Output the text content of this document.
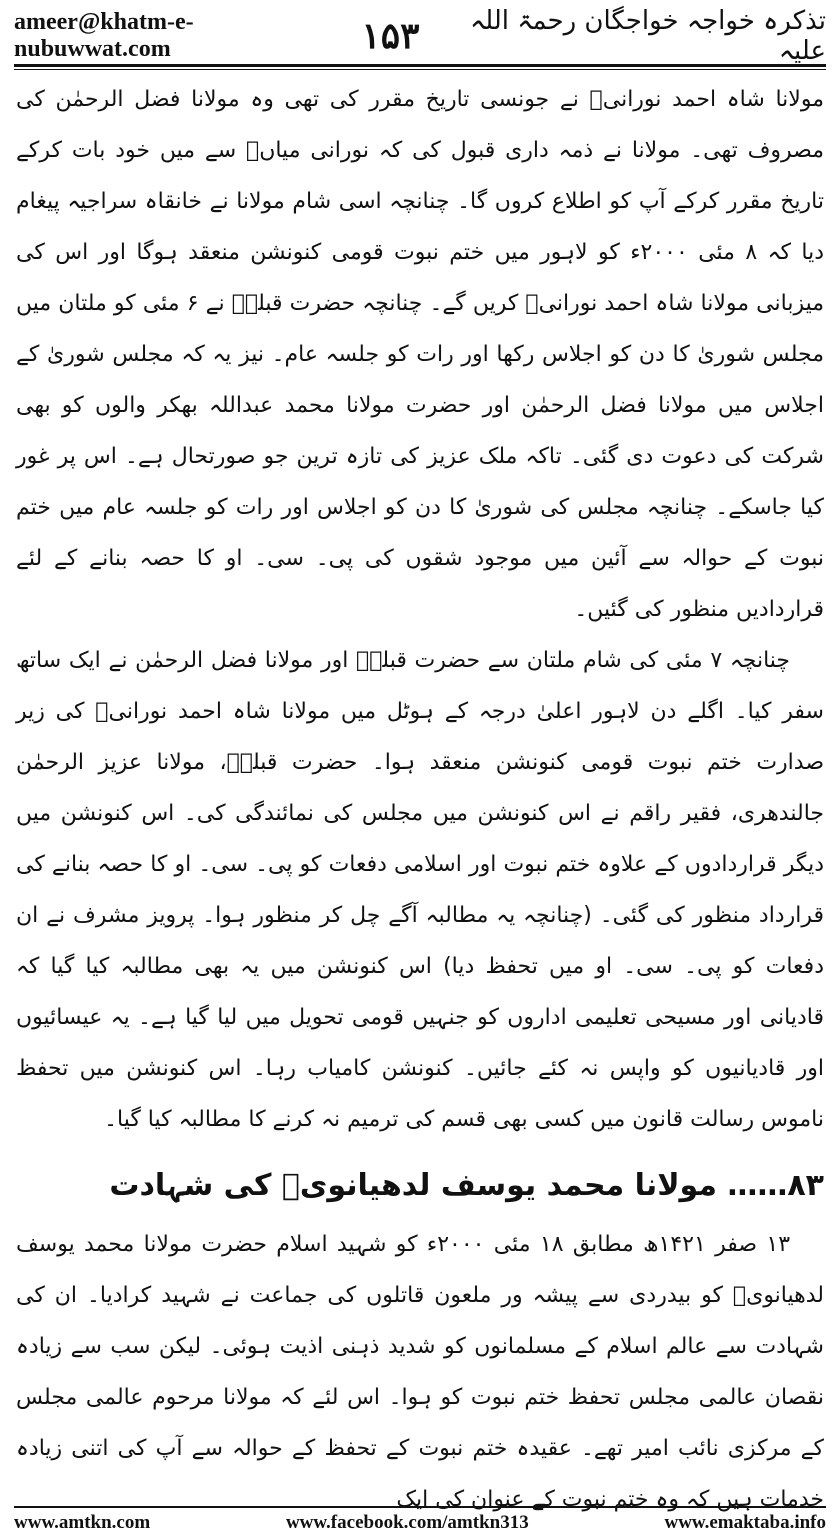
ameer@khatm-e-nubuwwat.com	۱۵۳	تذکرہ خواجہ خواجگان رحمۃ اللہ علیہ

مولانا شاہ احمد نورانیؒ نے جونسی تاریخ مقرر کی تھی وہ مولانا فضل الرحمٰن کی مصروف تھی۔ مولانا نے ذمہ داری قبول کی کہ نورانی میاںؒ سے میں خود بات کرکے تاریخ مقرر کرکے آپ کو اطلاع کروں گا۔ چنانچہ اسی شام مولانا نے خانقاہ سراجیہ پیغام دیا کہ ۸ مئی ۲۰۰۰ء کو لاہور میں ختم نبوت قومی کنونشن منعقد ہوگا اور اس کی میزبانی مولانا شاہ احمد نورانیؒ کریں گے۔ چنانچہ حضرت قبلہؒ نے ۶ مئی کو ملتان میں مجلس شوریٰ کا دن کو اجلاس رکھا اور رات کو جلسہ عام۔ نیز یہ کہ مجلس شوریٰ کے اجلاس میں مولانا فضل الرحمٰن اور حضرت مولانا محمد عبداللہ بھکر والوں کو بھی شرکت کی دعوت دی گئی۔ تاکہ ملک عزیز کی تازہ ترین جو صورتحال ہے۔ اس پر غور کیا جاسکے۔ چنانچہ مجلس کی شوریٰ کا دن کو اجلاس اور رات کو جلسہ عام میں ختم نبوت کے حوالہ سے آئین میں موجود شقوں کی پی۔ سی۔ او کا حصہ بنانے کے لئے قراردادیں منظور کی گئیں۔

چنانچہ ۷ مئی کی شام ملتان سے حضرت قبلہؒ اور مولانا فضل الرحمٰن نے ایک ساتھ سفر کیا۔ اگلے دن لاہور اعلیٰ درجہ کے ہوٹل میں مولانا شاہ احمد نورانیؒ کی زیر صدارت ختم نبوت قومی کنونشن منعقد ہوا۔ حضرت قبلہؒ، مولانا عزیز الرحمٰن جالندھری، فقیر راقم نے اس کنونشن میں مجلس کی نمائندگی کی۔ اس کنونشن میں دیگر قراردادوں کے علاوہ ختم نبوت اور اسلامی دفعات کو پی۔ سی۔ او کا حصہ بنانے کی قرارداد منظور کی گئی۔ (چنانچہ یہ مطالبہ آگے چل کر منظور ہوا۔ پرویز مشرف نے ان دفعات کو پی۔ سی۔ او میں تحفظ دیا) اس کنونشن میں یہ بھی مطالبہ کیا گیا کہ قادیانی اور مسیحی تعلیمی اداروں کو جنہیں قومی تحویل میں لیا گیا ہے۔ یہ عیسائیوں اور قادیانیوں کو واپس نہ کئے جائیں۔ کنونشن کامیاب رہا۔ اس کنونشن میں تحفظ ناموس رسالت قانون میں کسی بھی قسم کی ترمیم نہ کرنے کا مطالبہ کیا گیا۔

۸۳…… مولانا محمد یوسف لدھیانویؒ کی شہادت

۱۳ صفر ۱۴۲۱ھ مطابق ۱۸ مئی ۲۰۰۰ء کو شہید اسلام حضرت مولانا محمد یوسف لدھیانویؒ کو بیدردی سے پیشہ ور ملعون قاتلوں کی جماعت نے شہید کرادیا۔ ان کی شہادت سے عالم اسلام کے مسلمانوں کو شدید ذہنی اذیت ہوئی۔ لیکن سب سے زیادہ نقصان عالمی مجلس تحفظ ختم نبوت کو ہوا۔ اس لئے کہ مولانا مرحوم عالمی مجلس کے مرکزی نائب امیر تھے۔ عقیدہ ختم نبوت کے تحفظ کے حوالہ سے آپ کی اتنی زیادہ خدمات ہیں کہ وہ ختم نبوت کے عنوان کی ایک

www.amtkn.com	www.facebook.com/amtkn313	www.emaktaba.info
